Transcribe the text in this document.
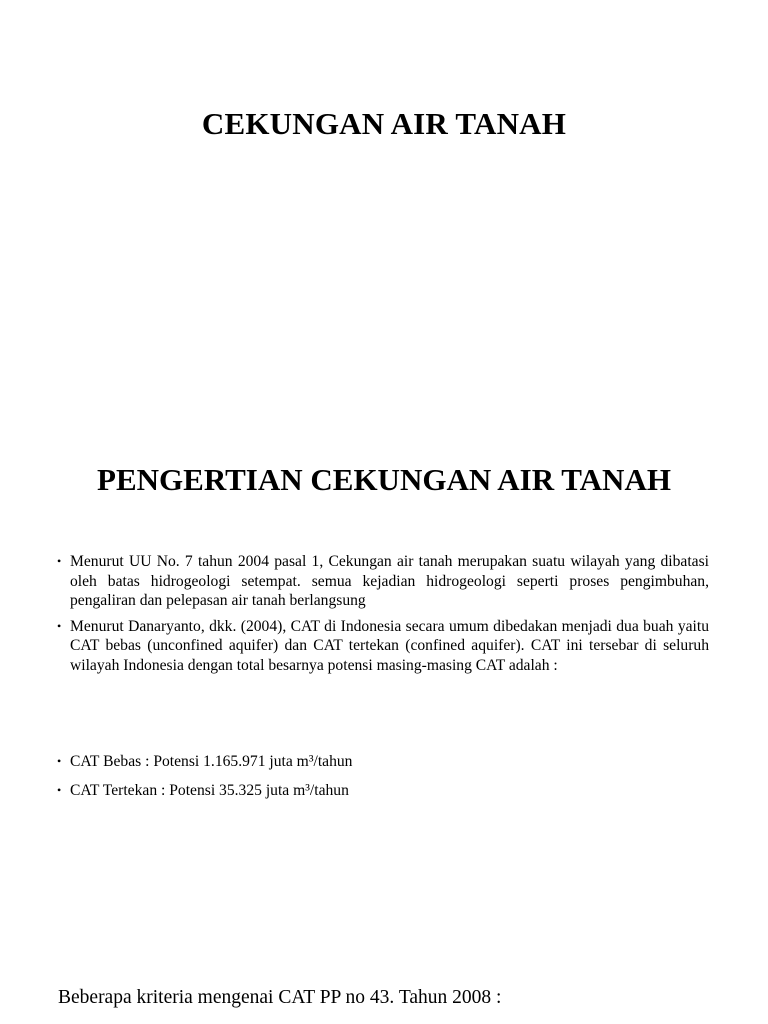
CEKUNGAN AIR TANAH
PENGERTIAN CEKUNGAN AIR TANAH
• Menurut UU No. 7 tahun 2004 pasal 1, Cekungan air tanah merupakan suatu wilayah yang dibatasi oleh batas hidrogeologi setempat. semua kejadian hidrogeologi seperti proses pengimbuhan, pengaliran dan pelepasan air tanah berlangsung
• Menurut Danaryanto, dkk. (2004), CAT di Indonesia secara umum dibedakan menjadi dua buah yaitu CAT bebas (unconfined aquifer) dan CAT tertekan (confined aquifer). CAT ini tersebar di seluruh wilayah Indonesia dengan total besarnya potensi masing-masing CAT adalah :
• CAT Bebas : Potensi 1.165.971 juta m³/tahun
• CAT Tertekan : Potensi 35.325 juta m³/tahun
Beberapa kriteria mengenai CAT PP no 43. Tahun 2008 :
